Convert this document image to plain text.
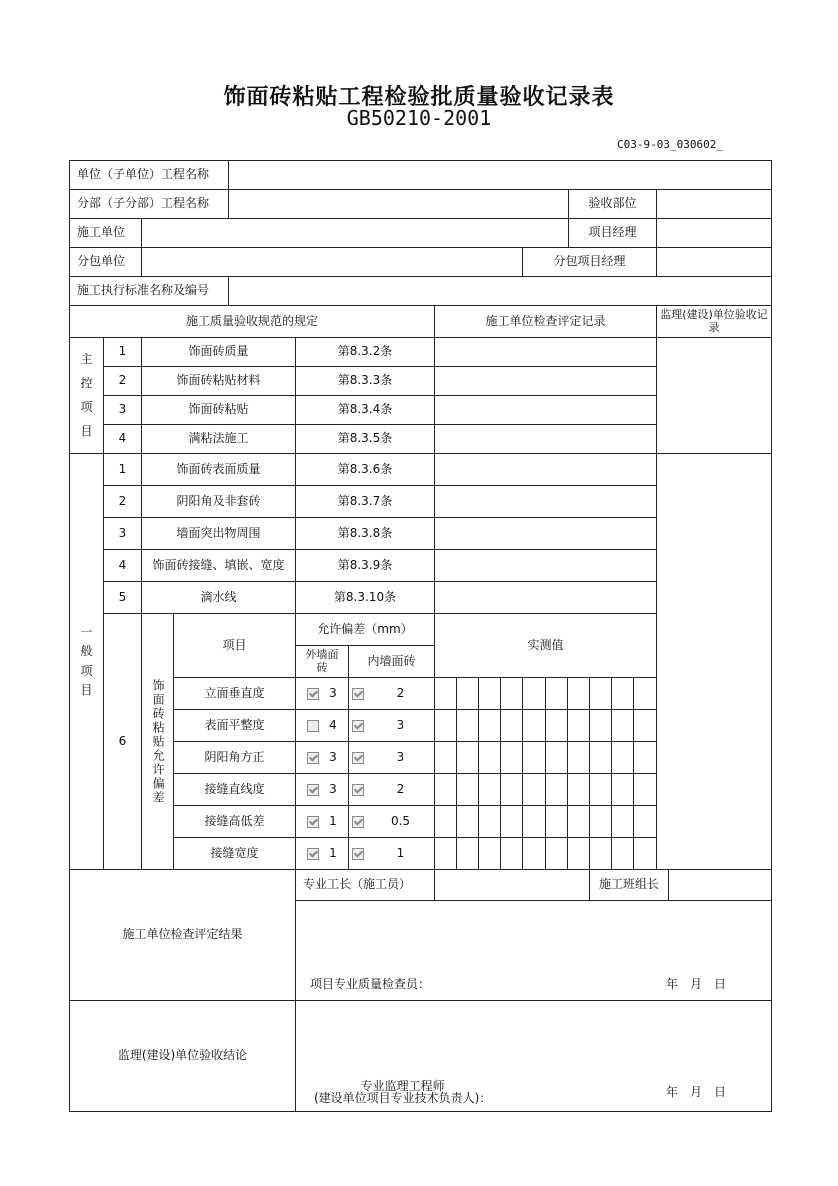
饰面砖粘贴工程检验批质量验收记录表
GB50210-2001
C03-9-03_030602_
单位（子单位）工程名称
分部（子分部）工程名称	验收部位
施工单位	项目经理
分包单位	分包项目经理
施工执行标准名称及编号
施工质量验收规范的规定	施工单位检查评定记录	监理(建设)单位验收记录
主
控
项
目
1	饰面砖质量	第8.3.2条
2	饰面砖粘贴材料	第8.3.3条
3	饰面砖粘贴	第8.3.4条
4	满粘法施工	第8.3.5条
一
般
项
目
1	饰面砖表面质量	第8.3.6条
2	阴阳角及非套砖	第8.3.7条
3	墙面突出物周围	第8.3.8条
4	饰面砖接缝、填嵌、宽度	第8.3.9条
5	滴水线	第8.3.10条
6	饰面砖粘贴允许偏差
项目
允许偏差（mm）
外墙面砖	内墙面砖
实测值
立面垂直度	3	2
表面平整度	4	3
阴阳角方正	3	3
接缝直线度	3	2
接缝高低差	1	0.5
接缝宽度	1	1
施工单位检查评定结果
专业工长（施工员）	施工班组长
项目专业质量检查员：	年　月　日
监理(建设)单位验收结论
专业监理工程师
(建设单位项目专业技术负责人)：	年　月　日
